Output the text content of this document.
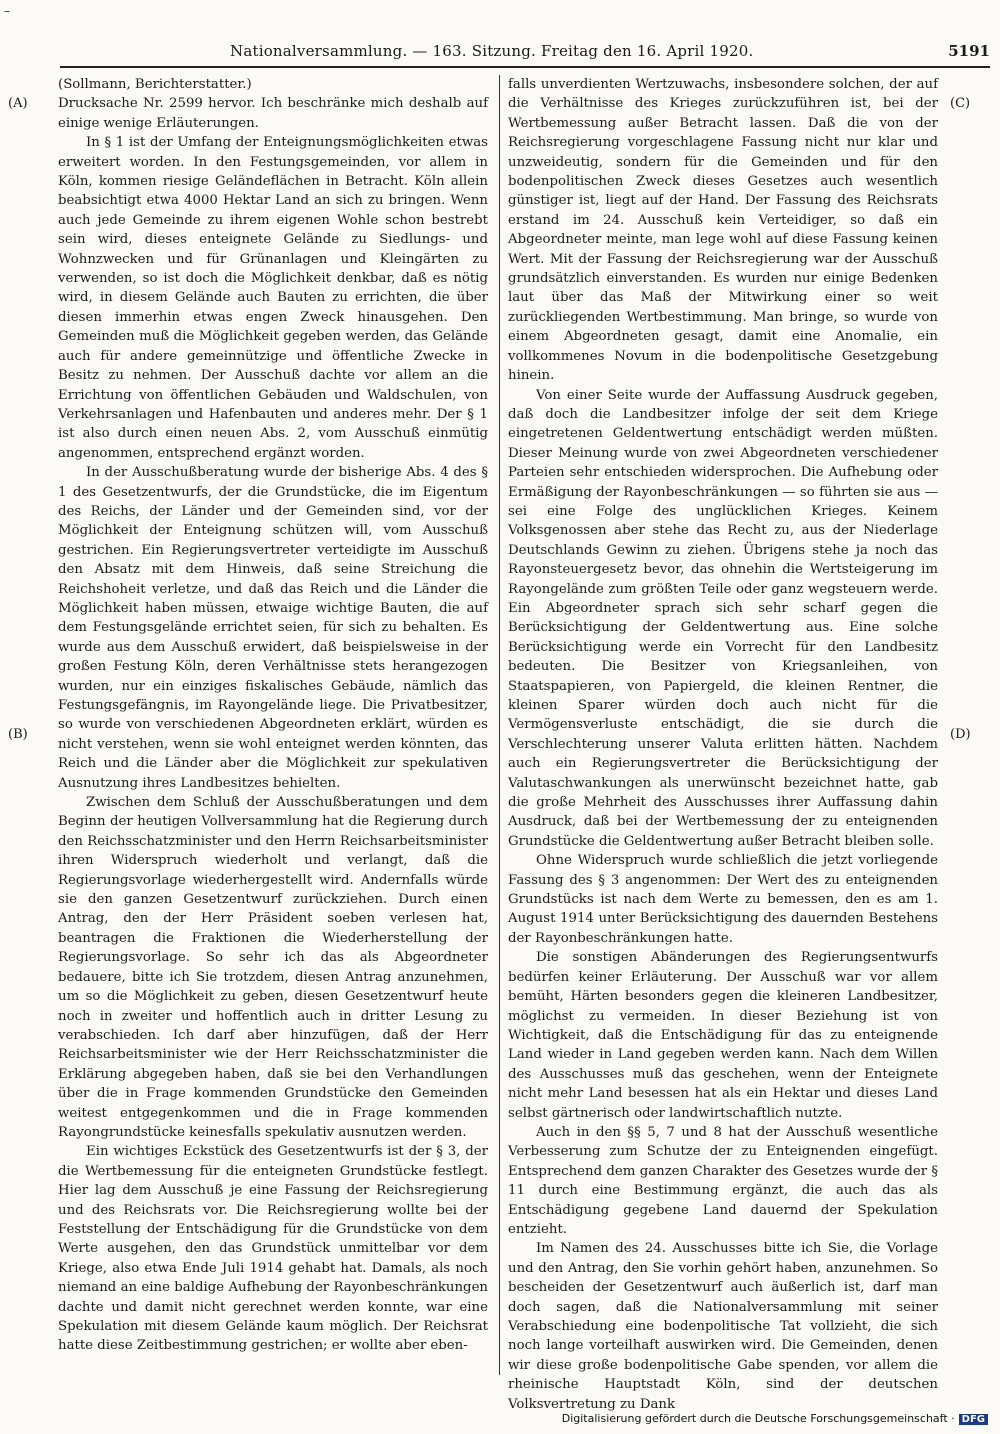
–
Nationalversammlung. — 163. Sitzung. Freitag den 16. April 1920.	5191
(A)
(B)
(C)
(D)

(Sollmann, Berichterstatter.)

Drucksache Nr. 2599 hervor. Ich beschränke mich deshalb auf einige wenige Erläuterungen.

In § 1 ist der Umfang der Enteignungsmöglichkeiten etwas erweitert worden. In den Festungsgemeinden, vor allem in Köln, kommen riesige Geländeflächen in Betracht. Köln allein beabsichtigt etwa 4000 Hektar Land an sich zu bringen. Wenn auch jede Gemeinde zu ihrem eigenen Wohle schon bestrebt sein wird, dieses enteignete Gelände zu Siedlungs- und Wohnzwecken und für Grünanlagen und Kleingärten zu verwenden, so ist doch die Möglichkeit denkbar, daß es nötig wird, in diesem Gelände auch Bauten zu errichten, die über diesen immerhin etwas engen Zweck hinausgehen. Den Gemeinden muß die Möglichkeit gegeben werden, das Gelände auch für andere gemeinnützige und öffentliche Zwecke in Besitz zu nehmen. Der Ausschuß dachte vor allem an die Errichtung von öffentlichen Gebäuden und Waldschulen, von Verkehrsanlagen und Hafenbauten und anderes mehr. Der § 1 ist also durch einen neuen Abs. 2, vom Ausschuß einmütig angenommen, entsprechend ergänzt worden.

In der Ausschußberatung wurde der bisherige Abs. 4 des § 1 des Gesetzentwurfs, der die Grundstücke, die im Eigentum des Reichs, der Länder und der Gemeinden sind, vor der Möglichkeit der Enteignung schützen will, vom Ausschuß gestrichen. Ein Regierungsvertreter verteidigte im Ausschuß den Absatz mit dem Hinweis, daß seine Streichung die Reichshoheit verletze, und daß das Reich und die Länder die Möglichkeit haben müssen, etwaige wichtige Bauten, die auf dem Festungsgelände errichtet seien, für sich zu behalten. Es wurde aus dem Ausschuß erwidert, daß beispielsweise in der großen Festung Köln, deren Verhältnisse stets herangezogen wurden, nur ein einziges fiskalisches Gebäude, nämlich das Festungsgefängnis, im Rayongelände liege. Die Privatbesitzer, so wurde von verschiedenen Abgeordneten erklärt, würden es nicht verstehen, wenn sie wohl enteignet werden könnten, das Reich und die Länder aber die Möglichkeit zur spekulativen Ausnutzung ihres Landbesitzes behielten.

Zwischen dem Schluß der Ausschußberatungen und dem Beginn der heutigen Vollversammlung hat die Regierung durch den Reichsschatzminister und den Herrn Reichsarbeitsminister ihren Widerspruch wiederholt und verlangt, daß die Regierungsvorlage wiederhergestellt wird. Andernfalls würde sie den ganzen Gesetzentwurf zurückziehen. Durch einen Antrag, den der Herr Präsident soeben verlesen hat, beantragen die Fraktionen die Wiederherstellung der Regierungsvorlage. So sehr ich das als Abgeordneter bedauere, bitte ich Sie trotzdem, diesen Antrag anzunehmen, um so die Möglichkeit zu geben, diesen Gesetzentwurf heute noch in zweiter und hoffentlich auch in dritter Lesung zu verabschieden. Ich darf aber hinzufügen, daß der Herr Reichsarbeitsminister wie der Herr Reichsschatzminister die Erklärung abgegeben haben, daß sie bei den Verhandlungen über die in Frage kommenden Grundstücke den Gemeinden weitest entgegenkommen und die in Frage kommenden Rayongrundstücke keinesfalls spekulativ ausnutzen werden.

Ein wichtiges Eckstück des Gesetzentwurfs ist der § 3, der die Wertbemessung für die enteigneten Grundstücke festlegt. Hier lag dem Ausschuß je eine Fassung der Reichsregierung und des Reichsrats vor. Die Reichsregierung wollte bei der Feststellung der Entschädigung für die Grundstücke von dem Werte ausgehen, den das Grundstück unmittelbar vor dem Kriege, also etwa Ende Juli 1914 gehabt hat. Damals, als noch niemand an eine baldige Aufhebung der Rayonbeschränkungen dachte und damit nicht gerechnet werden konnte, war eine Spekulation mit diesem Gelände kaum möglich. Der Reichsrat hatte diese Zeitbestimmung gestrichen; er wollte aber eben-

falls unverdienten Wertzuwachs, insbesondere solchen, der auf die Verhältnisse des Krieges zurückzuführen ist, bei der Wertbemessung außer Betracht lassen. Daß die von der Reichsregierung vorgeschlagene Fassung nicht nur klar und unzweideutig, sondern für die Gemeinden und für den bodenpolitischen Zweck dieses Gesetzes auch wesentlich günstiger ist, liegt auf der Hand. Der Fassung des Reichsrats erstand im 24. Ausschuß kein Verteidiger, so daß ein Abgeordneter meinte, man lege wohl auf diese Fassung keinen Wert. Mit der Fassung der Reichsregierung war der Ausschuß grundsätzlich einverstanden. Es wurden nur einige Bedenken laut über das Maß der Mitwirkung einer so weit zurückliegenden Wertbestimmung. Man bringe, so wurde von einem Abgeordneten gesagt, damit eine Anomalie, ein vollkommenes Novum in die bodenpolitische Gesetzgebung hinein.

Von einer Seite wurde der Auffassung Ausdruck gegeben, daß doch die Landbesitzer infolge der seit dem Kriege eingetretenen Geldentwertung entschädigt werden müßten. Dieser Meinung wurde von zwei Abgeordneten verschiedener Parteien sehr entschieden widersprochen. Die Aufhebung oder Ermäßigung der Rayonbeschränkungen — so führten sie aus — sei eine Folge des unglücklichen Krieges. Keinem Volksgenossen aber stehe das Recht zu, aus der Niederlage Deutschlands Gewinn zu ziehen. Übrigens stehe ja noch das Rayonsteuergesetz bevor, das ohnehin die Wertsteigerung im Rayongelände zum größten Teile oder ganz wegsteuern werde. Ein Abgeordneter sprach sich sehr scharf gegen die Berücksichtigung der Geldentwertung aus. Eine solche Berücksichtigung werde ein Vorrecht für den Landbesitz bedeuten. Die Besitzer von Kriegsanleihen, von Staatspapieren, von Papiergeld, die kleinen Rentner, die kleinen Sparer würden doch auch nicht für die Vermögensverluste entschädigt, die sie durch die Verschlechterung unserer Valuta erlitten hätten. Nachdem auch ein Regierungsvertreter die Berücksichtigung der Valutaschwankungen als unerwünscht bezeichnet hatte, gab die große Mehrheit des Ausschusses ihrer Auffassung dahin Ausdruck, daß bei der Wertbemessung der zu enteignenden Grundstücke die Geldentwertung außer Betracht bleiben solle.

Ohne Widerspruch wurde schließlich die jetzt vorliegende Fassung des § 3 angenommen: Der Wert des zu enteignenden Grundstücks ist nach dem Werte zu bemessen, den es am 1. August 1914 unter Berücksichtigung des dauernden Bestehens der Rayonbeschränkungen hatte.

Die sonstigen Abänderungen des Regierungsentwurfs bedürfen keiner Erläuterung. Der Ausschuß war vor allem bemüht, Härten besonders gegen die kleineren Landbesitzer, möglichst zu vermeiden. In dieser Beziehung ist von Wichtigkeit, daß die Entschädigung für das zu enteignende Land wieder in Land gegeben werden kann. Nach dem Willen des Ausschusses muß das geschehen, wenn der Enteignete nicht mehr Land besessen hat als ein Hektar und dieses Land selbst gärtnerisch oder landwirtschaftlich nutzte.

Auch in den §§ 5, 7 und 8 hat der Ausschuß wesentliche Verbesserung zum Schutze der zu Enteignenden eingefügt. Entsprechend dem ganzen Charakter des Gesetzes wurde der § 11 durch eine Bestimmung ergänzt, die auch das als Entschädigung gegebene Land dauernd der Spekulation entzieht.

Im Namen des 24. Ausschusses bitte ich Sie, die Vorlage und den Antrag, den Sie vorhin gehört haben, anzunehmen. So bescheiden der Gesetzentwurf auch äußerlich ist, darf man doch sagen, daß die Nationalversammlung mit seiner Verabschiedung eine bodenpolitische Tat vollzieht, die sich noch lange vorteilhaft auswirken wird. Die Gemeinden, denen wir diese große bodenpolitische Gabe spenden, vor allem die rheinische Hauptstadt Köln, sind der deutschen Volksvertretung zu Dank

Digitalisierung gefördert durch die Deutsche Forschungsgemeinschaft · DFG
